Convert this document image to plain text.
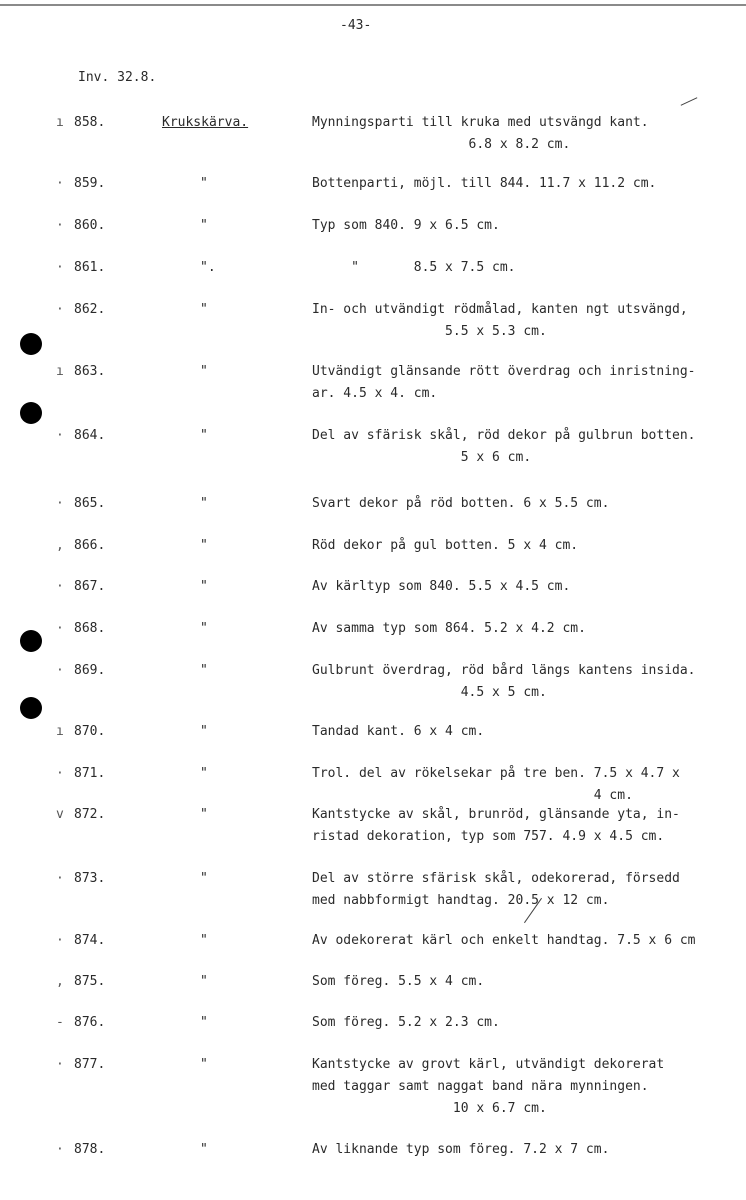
-43-
Inv. 32.8.
ı 858.	Krukskärva.	Mynningsparti till kruka med utsvängd kant.
6.8 x 8.2 cm.
· 859.	"	Bottenparti, möjl. till 844. 11.7 x 11.2 cm.
· 860.	"	Typ som 840. 9 x 6.5 cm.
· 861.	".	"       8.5 x 7.5 cm.
· 862.	"	In- och utvändigt rödmålad, kanten ngt utsvängd,
5.5 x 5.3 cm.
ı 863.	"	Utvändigt glänsande rött överdrag och inristning-
ar. 4.5 x 4. cm.
· 864.	"	Del av sfärisk skål, röd dekor på gulbrun botten.
5 x 6 cm.
· 865.	"	Svart dekor på röd botten. 6 x 5.5 cm.
, 866.	"	Röd dekor på gul botten. 5 x 4 cm.
· 867.	"	Av kärltyp som 840. 5.5 x 4.5 cm.
· 868.	"	Av samma typ som 864. 5.2 x 4.2 cm.
· 869.	"	Gulbrunt överdrag, röd bård längs kantens insida.
4.5 x 5 cm.
ı 870.	"	Tandad kant. 6 x 4 cm.
· 871.	"	Trol. del av rökelsekar på tre ben. 7.5 x 4.7 x
4 cm.
v 872.	"	Kantstycke av skål, brunröd, glänsande yta, in-
ristad dekoration, typ som 757. 4.9 x 4.5 cm.
· 873.	"	Del av större sfärisk skål, odekorerad, försedd
med nabbformigt handtag. 20.5 x 12 cm.
· 874.	"	Av odekorerat kärl och enkelt handtag. 7.5 x 6 cm
, 875.	"	Som föreg. 5.5 x 4 cm.
- 876.	"	Som föreg. 5.2 x 2.3 cm.
· 877.	"	Kantstycke av grovt kärl, utvändigt dekorerat
med taggar samt naggat band nära mynningen.
10 x 6.7 cm.
· 878.	"	Av liknande typ som föreg. 7.2 x 7 cm.
